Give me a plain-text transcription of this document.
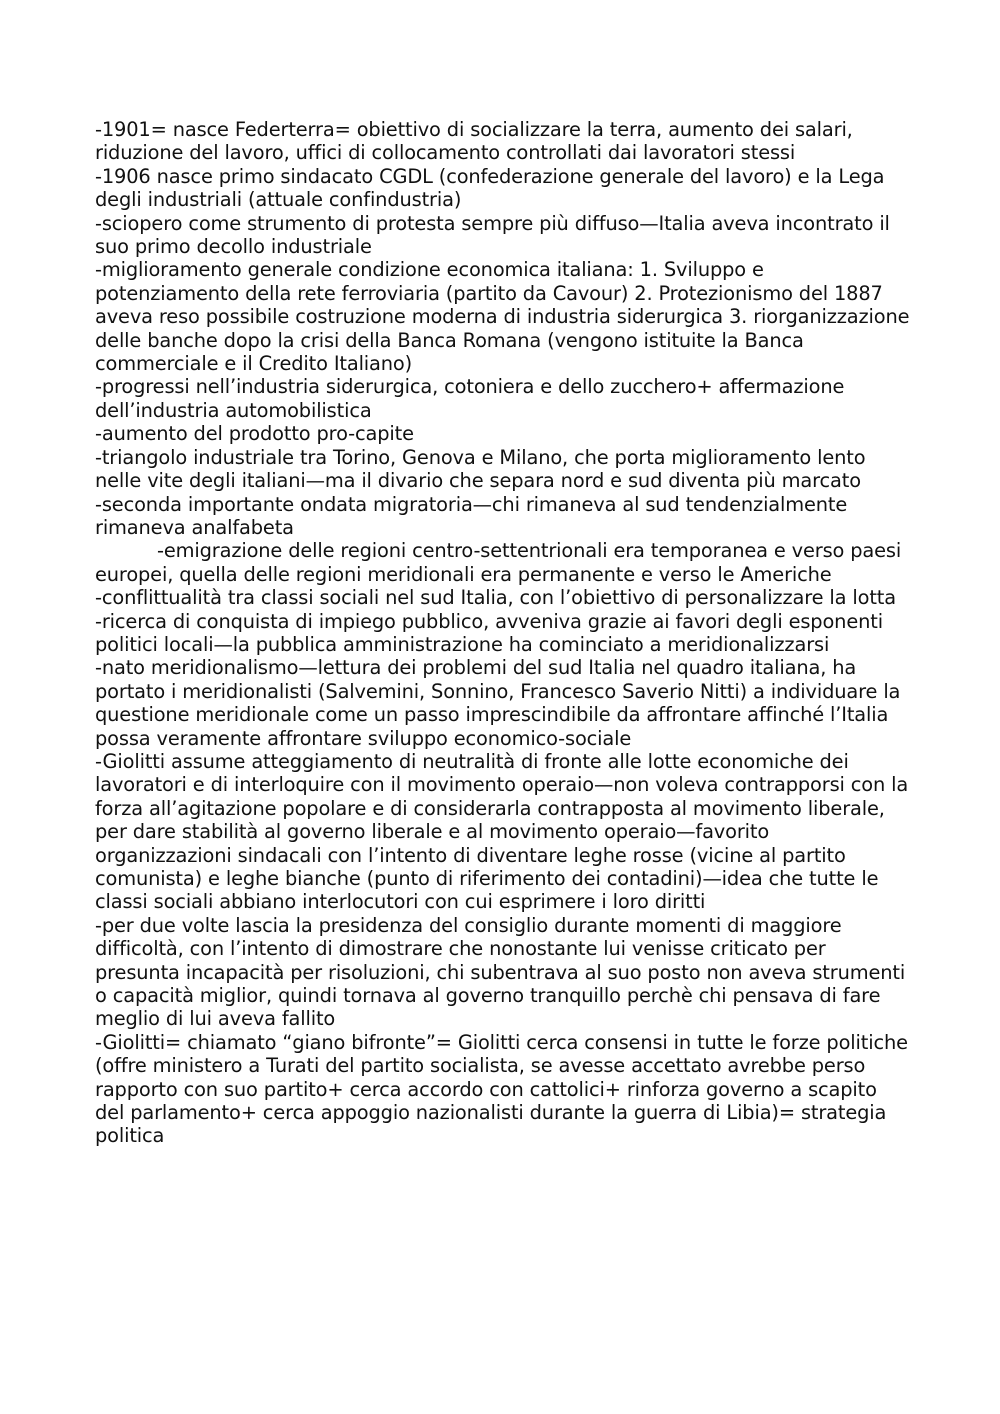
-1901= nasce Federterra= obiettivo di socializzare la terra, aumento dei salari, riduzione del lavoro, uffici di collocamento controllati dai lavoratori stessi

-1906 nasce primo sindacato CGDL (confederazione generale del lavoro) e la Lega degli industriali (attuale confindustria)

-sciopero come strumento di protesta sempre più diffuso—Italia aveva incontrato il suo primo decollo industriale

-miglioramento generale condizione economica italiana: 1. Sviluppo e potenziamento della rete ferroviaria (partito da Cavour) 2. Protezionismo del 1887 aveva reso possibile costruzione moderna di industria siderurgica 3. riorganizzazione delle banche dopo la crisi della Banca Romana (vengono istituite la Banca commerciale e il Credito Italiano)

-progressi nell’industria siderurgica, cotoniera e dello zucchero+ affermazione dell’industria automobilistica

-aumento del prodotto pro-capite

-triangolo industriale tra Torino, Genova e Milano, che porta miglioramento lento nelle vite degli italiani—ma il divario che separa nord e sud diventa più marcato

-seconda importante ondata migratoria—chi rimaneva al sud tendenzialmente rimaneva analfabeta

-emigrazione delle regioni centro-settentrionali era temporanea e verso paesi europei, quella delle regioni meridionali era permanente e verso le Americhe

-conflittualità tra classi sociali nel sud Italia, con l’obiettivo di personalizzare la lotta

-ricerca di conquista di impiego pubblico, avveniva grazie ai favori degli esponenti politici locali—la pubblica amministrazione ha cominciato a meridionalizzarsi

-nato meridionalismo—lettura dei problemi del sud Italia nel quadro italiana, ha portato i meridionalisti (Salvemini, Sonnino, Francesco Saverio Nitti) a individuare la questione meridionale come un passo imprescindibile da affrontare affinché l’Italia possa veramente affrontare sviluppo economico-sociale

-Giolitti assume atteggiamento di neutralità di fronte alle lotte economiche dei lavoratori e di interloquire con il movimento operaio—non voleva contrapporsi con la forza all’agitazione popolare e di considerarla contrapposta al movimento liberale, per dare stabilità al governo liberale e al movimento operaio—favorito organizzazioni sindacali con l’intento di diventare leghe rosse (vicine al partito comunista) e leghe bianche (punto di riferimento dei contadini)—idea che tutte le classi sociali abbiano interlocutori con cui esprimere i loro diritti

-per due volte lascia la presidenza del consiglio durante momenti di maggiore difficoltà, con l’intento di dimostrare che nonostante lui venisse criticato per presunta incapacità per risoluzioni, chi subentrava al suo posto non aveva strumenti o capacità miglior, quindi tornava al governo tranquillo perchè chi pensava di fare meglio di lui aveva fallito

-Giolitti= chiamato “giano bifronte”= Giolitti cerca consensi in tutte le forze politiche (offre ministero a Turati del partito socialista, se avesse accettato avrebbe perso rapporto con suo partito+ cerca accordo con cattolici+ rinforza governo a scapito del parlamento+ cerca appoggio nazionalisti durante la guerra di Libia)= strategia politica
